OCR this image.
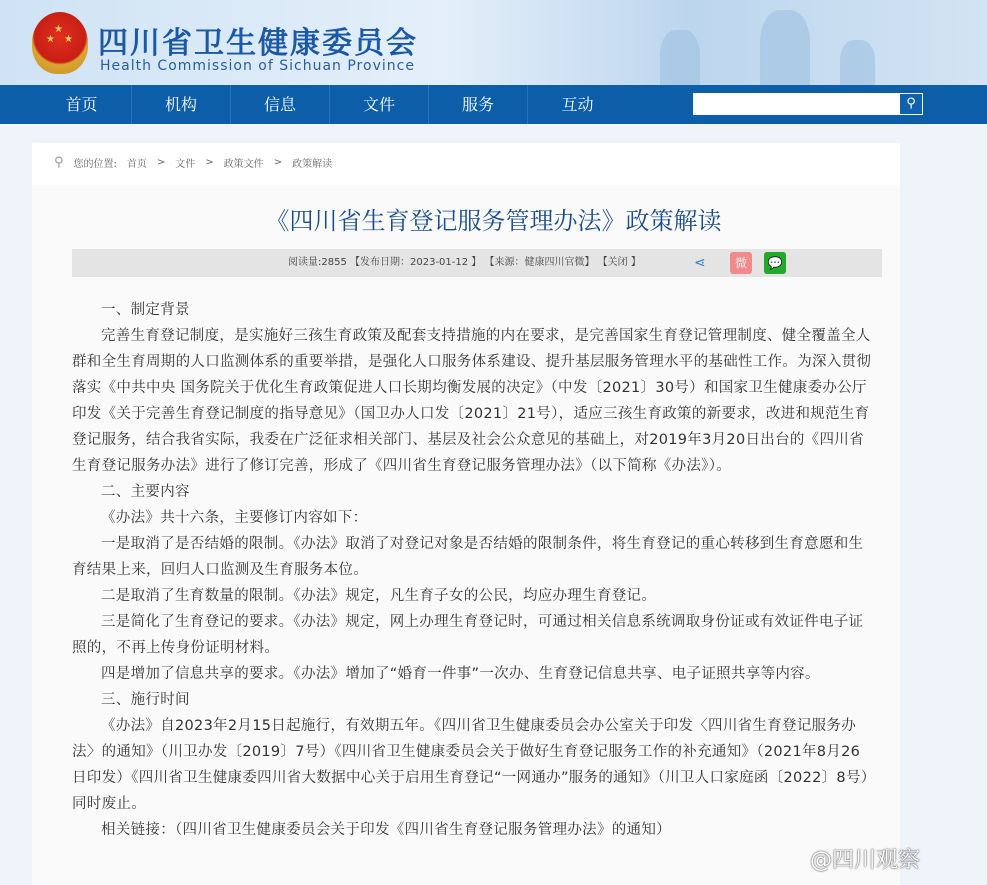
★
★ ★ 四川省卫生健康委员会
Health Commission of Sichuan Province
首页	机构	信息	文件	服务	互动	⚲
⚲ 您的位置: 首页 > 文件 > 政策文件 > 政策解读
《四川省生育登记服务管理办法》政策解读
阅读量:2855 【发布日期：2023-01-12 】 【来源：健康四川官微】 【关闭 】	⋖	微	💬

一、制定背景

完善生育登记制度，是实施好三孩生育政策及配套支持措施的内在要求，是完善国家生育登记管理制度、健全覆盖全人群和全生育周期的人口监测体系的重要举措，是强化人口服务体系建设、提升基层服务管理水平的基础性工作。为深入贯彻落实《中共中央 国务院关于优化生育政策促进人口长期均衡发展的决定》（中发〔2021〕30号）和国家卫生健康委办公厅印发《关于完善生育登记制度的指导意见》（国卫办人口发〔2021〕21号），适应三孩生育政策的新要求，改进和规范生育登记服务，结合我省实际，我委在广泛征求相关部门、基层及社会公众意见的基础上，对2019年3月20日出台的《四川省生育登记服务办法》进行了修订完善，形成了《四川省生育登记服务管理办法》（以下简称《办法》）。

二、主要内容

《办法》共十六条，主要修订内容如下：

一是取消了是否结婚的限制。《办法》取消了对登记对象是否结婚的限制条件，将生育登记的重心转移到生育意愿和生育结果上来，回归人口监测及生育服务本位。

二是取消了生育数量的限制。《办法》规定，凡生育子女的公民，均应办理生育登记。

三是简化了生育登记的要求。《办法》规定，网上办理生育登记时，可通过相关信息系统调取身份证或有效证件电子证照的，不再上传身份证明材料。

四是增加了信息共享的要求。《办法》增加了“婚育一件事”一次办、生育登记信息共享、电子证照共享等内容。

三、施行时间

《办法》自2023年2月15日起施行，有效期五年。《四川省卫生健康委员会办公室关于印发〈四川省生育登记服务办法〉的通知》（川卫办发〔2019〕7号）《四川省卫生健康委员会关于做好生育登记服务工作的补充通知》（2021年8月26日印发）《四川省卫生健康委四川省大数据中心关于启用生育登记“一网通办”服务的通知》（川卫人口家庭函〔2022〕8号）同时废止。

相关链接：（四川省卫生健康委员会关于印发《四川省生育登记服务管理办法》的通知）

@四川观察
